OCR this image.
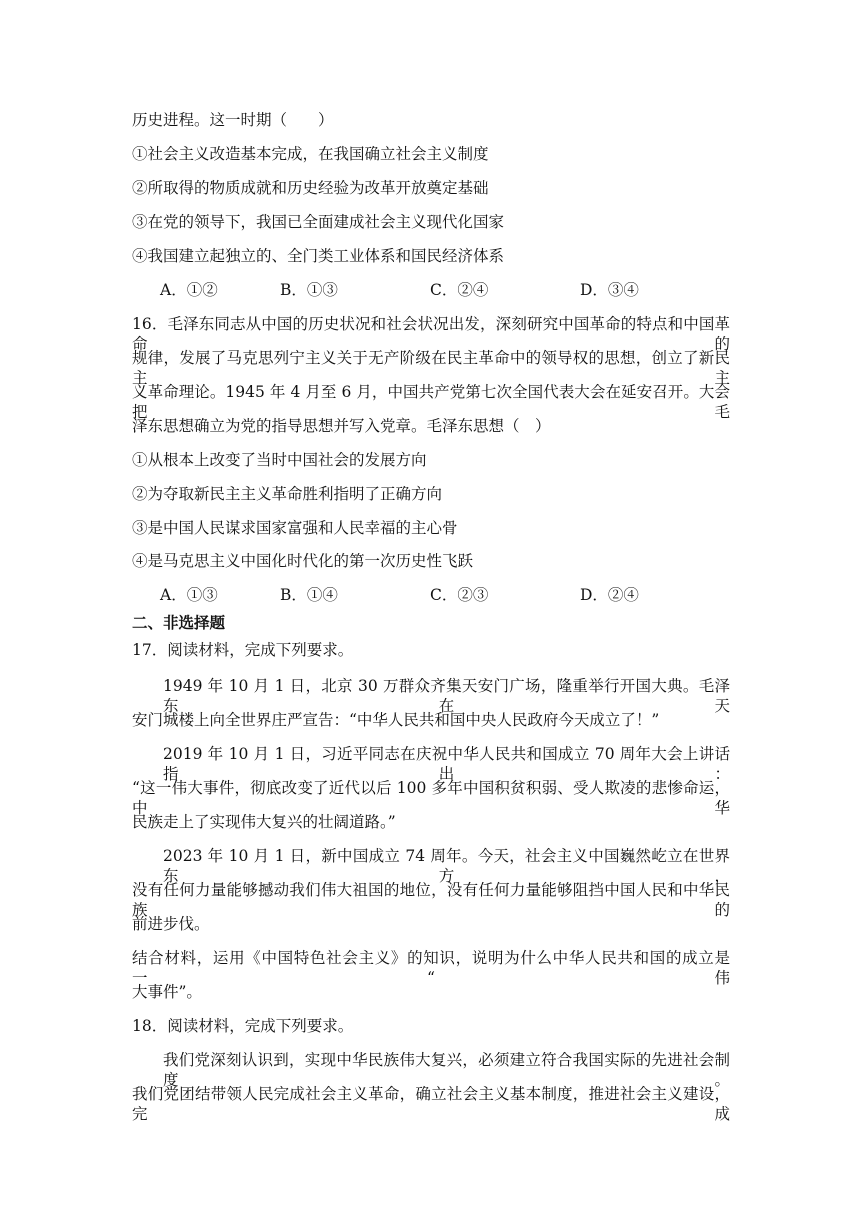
历史进程。这一时期（　　）
①社会主义改造基本完成，在我国确立社会主义制度
②所取得的物质成就和历史经验为改革开放奠定基础
③在党的领导下，我国已全面建成社会主义现代化国家
④我国建立起独立的、全门类工业体系和国民经济体系
A．①②	B．①③	C．②④	D．③④
16．毛泽东同志从中国的历史状况和社会状况出发，深刻研究中国革命的特点和中国革命的
规律，发展了马克思列宁主义关于无产阶级在民主革命中的领导权的思想，创立了新民主主
义革命理论。1945 年 4 月至 6 月，中国共产党第七次全国代表大会在延安召开。大会把毛
泽东思想确立为党的指导思想并写入党章。毛泽东思想（　）
①从根本上改变了当时中国社会的发展方向
②为夺取新民主主义革命胜利指明了正确方向
③是中国人民谋求国家富强和人民幸福的主心骨
④是马克思主义中国化时代化的第一次历史性飞跃
A．①③	B．①④	C．②③	D．②④
二、非选择题
17．阅读材料，完成下列要求。
1949 年 10 月 1 日，北京 30 万群众齐集天安门广场，隆重举行开国大典。毛泽东在天
安门城楼上向全世界庄严宣告：“中华人民共和国中央人民政府今天成立了！”
2019 年 10 月 1 日，习近平同志在庆祝中华人民共和国成立 70 周年大会上讲话指出：
“这一伟大事件，彻底改变了近代以后 100 多年中国积贫积弱、受人欺凌的悲惨命运，中华
民族走上了实现伟大复兴的壮阔道路。”
2023 年 10 月 1 日，新中国成立 74 周年。今天，社会主义中国巍然屹立在世界东方，
没有任何力量能够撼动我们伟大祖国的地位，没有任何力量能够阻挡中国人民和中华民族的
前进步伐。
结合材料，运用《中国特色社会主义》的知识，说明为什么中华人民共和国的成立是一“伟
大事件”。
18．阅读材料，完成下列要求。
我们党深刻认识到，实现中华民族伟大复兴，必须建立符合我国实际的先进社会制度。
我们党团结带领人民完成社会主义革命，确立社会主义基本制度，推进社会主义建设，完成
